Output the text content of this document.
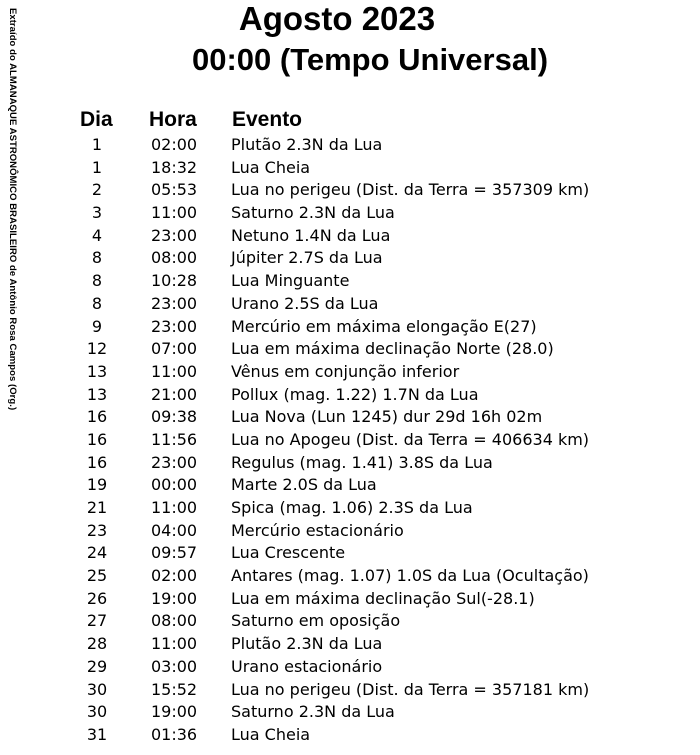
Extraído do ALMANAQUE ASTRONÔMICO BRASILEIRO de Antônio Rosa Campos (Org.)	Agosto 2023
00:00 (Tempo Universal)
Dia Hora Evento
1	02:00 Plutão 2.3N da Lua
1	18:32 Lua Cheia
2	05:53 Lua no perigeu (Dist. da Terra = 357309 km)
3	11:00 Saturno 2.3N da Lua
4	23:00 Netuno 1.4N da Lua
8	08:00 Júpiter 2.7S da Lua
8	10:28 Lua Minguante
8	23:00 Urano 2.5S da Lua
9	23:00 Mercúrio em máxima elongação E(27)
12	07:00 Lua em máxima declinação Norte (28.0)
13	11:00 Vênus em conjunção inferior
13	21:00 Pollux (mag. 1.22) 1.7N da Lua
16	09:38 Lua Nova (Lun 1245) dur 29d 16h 02m
16	11:56 Lua no Apogeu (Dist. da Terra = 406634 km)
16	23:00 Regulus (mag. 1.41) 3.8S da Lua
19	00:00 Marte 2.0S da Lua
21	11:00 Spica (mag. 1.06) 2.3S da Lua
23	04:00 Mercúrio estacionário
24	09:57 Lua Crescente
25	02:00 Antares (mag. 1.07) 1.0S da Lua (Ocultação)
26	19:00 Lua em máxima declinação Sul(-28.1)
27	08:00 Saturno em oposição
28	11:00 Plutão 2.3N da Lua
29	03:00 Urano estacionário
30	15:52 Lua no perigeu (Dist. da Terra = 357181 km)
30	19:00 Saturno 2.3N da Lua
31	01:36 Lua Cheia
